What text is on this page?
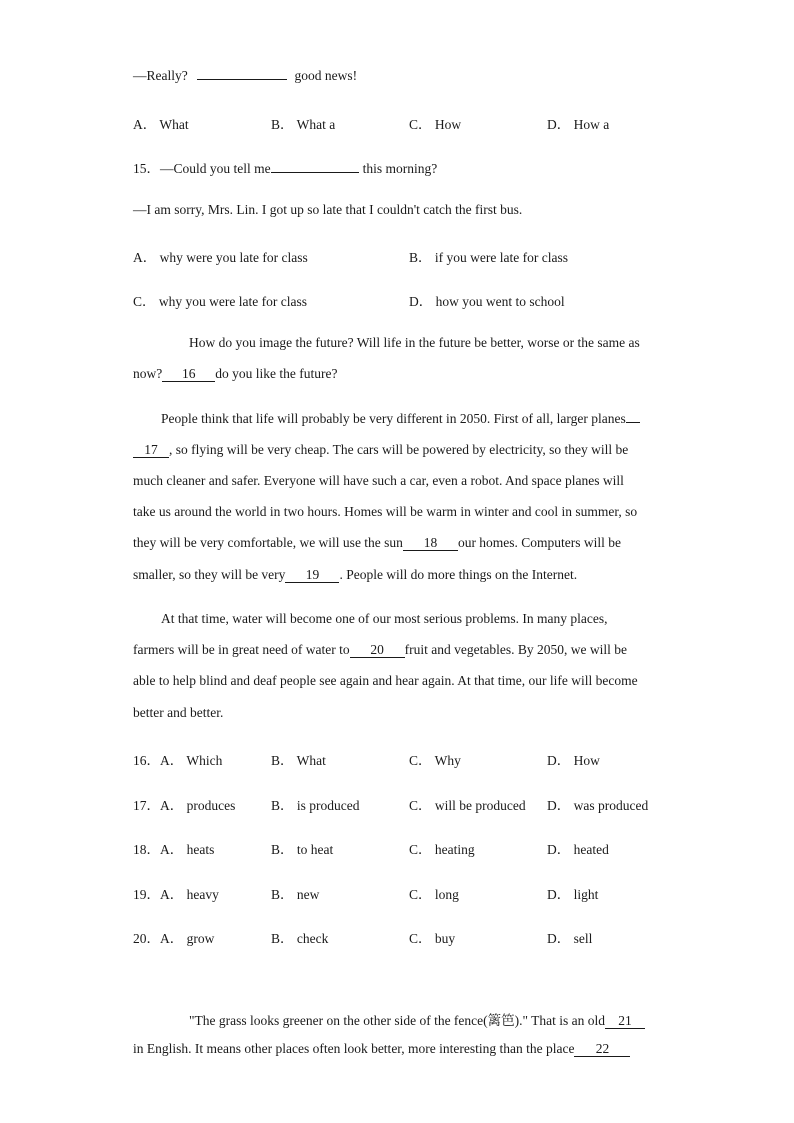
—Really?	good news!
A． What	B． What a	C． How	D． How a
15．—Could you tell me	this morning?
—I am sorry, Mrs. Lin. I got up so late that I couldn't catch the first bus.
A． why were you late for class	B． if you were late for class
C． why you were late for class	D． how you went to school
How do you image the future? Will life in the future be better, worse or the same as
now? 16 do you like the future?
People think that life will probably be very different in 2050. First of all, larger planes
17 , so flying will be very cheap. The cars will be powered by electricity, so they will be
much cleaner and safer. Everyone will have such a car, even a robot. And space planes will
take us around the world in two hours. Homes will be warm in winter and cool in summer, so
they will be very comfortable, we will use the sun 18 our homes. Computers will be
smaller, so they will be very 19 . People will do more things on the Internet.
At that time, water will become one of our most serious problems. In many places,
farmers will be in great need of water to 20 fruit and vegetables. By 2050, we will be
able to help blind and deaf people see again and hear again. At that time, our life will become
better and better.
16．A． Which	B． What	C． Why	D． How
17．A． produces	B． is produced	C． will be produced D． was produced
18．A． heats	B． to heat	C． heating	D． heated
19．A． heavy	B． new	C． long	D． light
20．A． grow	B． check	C． buy	D． sell
"The grass looks greener on the other side of the fence(篱笆)." That is an old 21
in English. It means other places often look better, more interesting than the place 22
